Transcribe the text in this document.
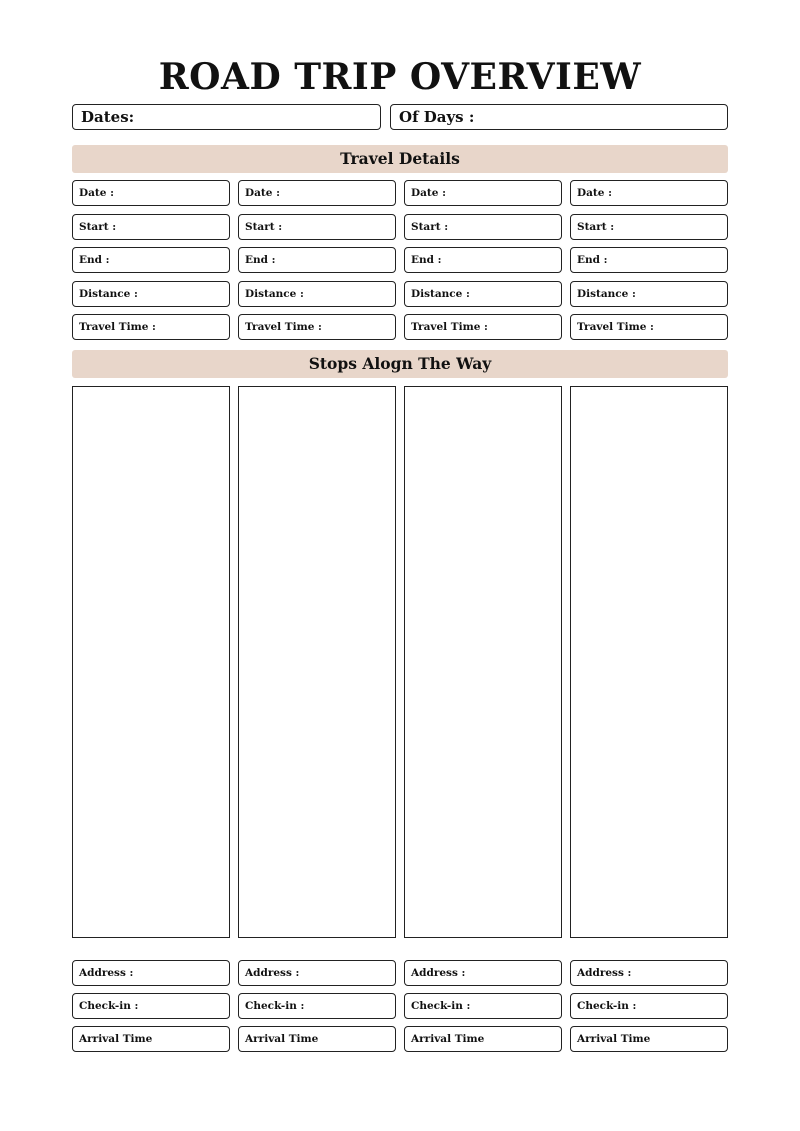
ROAD TRIP OVERVIEW
Dates:	Of Days :
Travel Details
Date :	Date :	Date :	Date :
Start :	Start :	Start :	Start :
End :	End :	End :	End :
Distance :	Distance :	Distance :	Distance :
Travel Time :	Travel Time :	Travel Time :	Travel Time :
Stops Alogn The Way
Address :	Address :	Address :	Address :
Check-in :	Check-in :	Check-in :	Check-in :
Arrival Time	Arrival Time	Arrival Time	Arrival Time
